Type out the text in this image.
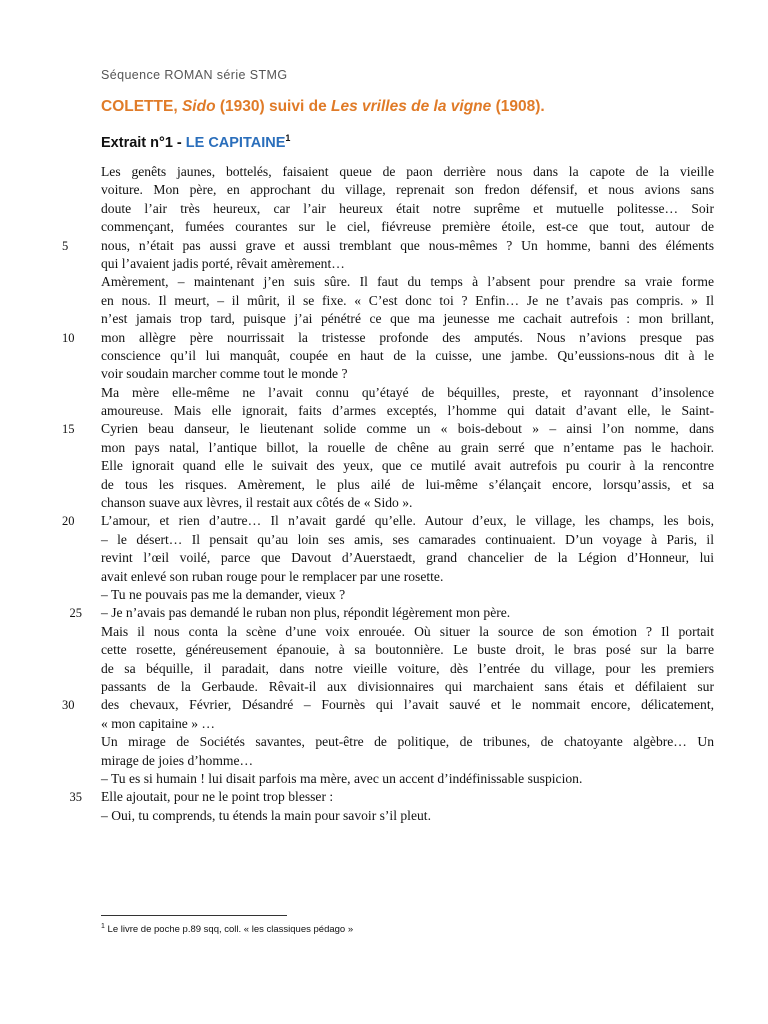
Séquence ROMAN série STMG
COLETTE, Sido (1930) suivi de Les vrilles de la vigne (1908).
Extrait n°1 - LE CAPITAINE$^1$
Les genêts jaunes, bottelés, faisaient queue de paon derrière nous dans la capote de la vieille
voiture. Mon père, en approchant du village, reprenait son fredon défensif, et nous avions sans
doute l’air très heureux, car l’air heureux était notre suprême et mutuelle politesse… Soir
commençant, fumées courantes sur le ciel, fiévreuse première étoile, est-ce que tout, autour de
5	nous, n’était pas aussi grave et aussi tremblant que nous-mêmes ? Un homme, banni des éléments
qui l’avaient jadis porté, rêvait amèrement…
Amèrement, – maintenant j’en suis sûre. Il faut du temps à l’absent pour prendre sa vraie forme
en nous. Il meurt, – il mûrit, il se fixe. « C’est donc toi ? Enfin… Je ne t’avais pas compris. » Il
n’est jamais trop tard, puisque j’ai pénétré ce que ma jeunesse me cachait autrefois : mon brillant,
10	mon allègre père nourrissait la tristesse profonde des amputés. Nous n’avions presque pas
conscience qu’il lui manquât, coupée en haut de la cuisse, une jambe. Qu’eussions-nous dit à le
voir soudain marcher comme tout le monde ?
Ma mère elle-même ne l’avait connu qu’étayé de béquilles, preste, et rayonnant d’insolence
amoureuse. Mais elle ignorait, faits d’armes exceptés, l’homme qui datait d’avant elle, le Saint-
15	Cyrien beau danseur, le lieutenant solide comme un « bois-debout » – ainsi l’on nomme, dans
mon pays natal, l’antique billot, la rouelle de chêne au grain serré que n’entame pas le hachoir.
Elle ignorait quand elle le suivait des yeux, que ce mutilé avait autrefois pu courir à la rencontre
de tous les risques. Amèrement, le plus ailé de lui-même s’élançait encore, lorsqu’assis, et sa
chanson suave aux lèvres, il restait aux côtés de « Sido ».
20	L’amour, et rien d’autre… Il n’avait gardé qu’elle. Autour d’eux, le village, les champs, les bois,
– le désert… Il pensait qu’au loin ses amis, ses camarades continuaient. D’un voyage à Paris, il
revint l’œil voilé, parce que Davout d’Auerstaedt, grand chancelier de la Légion d’Honneur, lui
avait enlevé son ruban rouge pour le remplacer par une rosette.
– Tu ne pouvais pas me la demander, vieux ?
25 – Je n’avais pas demandé le ruban non plus, répondit légèrement mon père.
Mais il nous conta la scène d’une voix enrouée. Où situer la source de son émotion ? Il portait
cette rosette, généreusement épanouie, à sa boutonnière. Le buste droit, le bras posé sur la barre
de sa béquille, il paradait, dans notre vieille voiture, dès l’entrée du village, pour les premiers
passants de la Gerbaude. Rêvait-il aux divisionnaires qui marchaient sans étais et défilaient sur
30	des chevaux, Février, Désandré – Fournès qui l’avait sauvé et le nommait encore, délicatement,
« mon capitaine » …
Un mirage de Sociétés savantes, peut-être de politique, de tribunes, de chatoyante algèbre… Un
mirage de joies d’homme…
– Tu es si humain ! lui disait parfois ma mère, avec un accent d’indéfinissable suspicion.
35 Elle ajoutait, pour ne le point trop blesser :
– Oui, tu comprends, tu étends la main pour savoir s’il pleut.
$^1$ Le livre de poche p.89 sqq, coll. « les classiques pédago »
